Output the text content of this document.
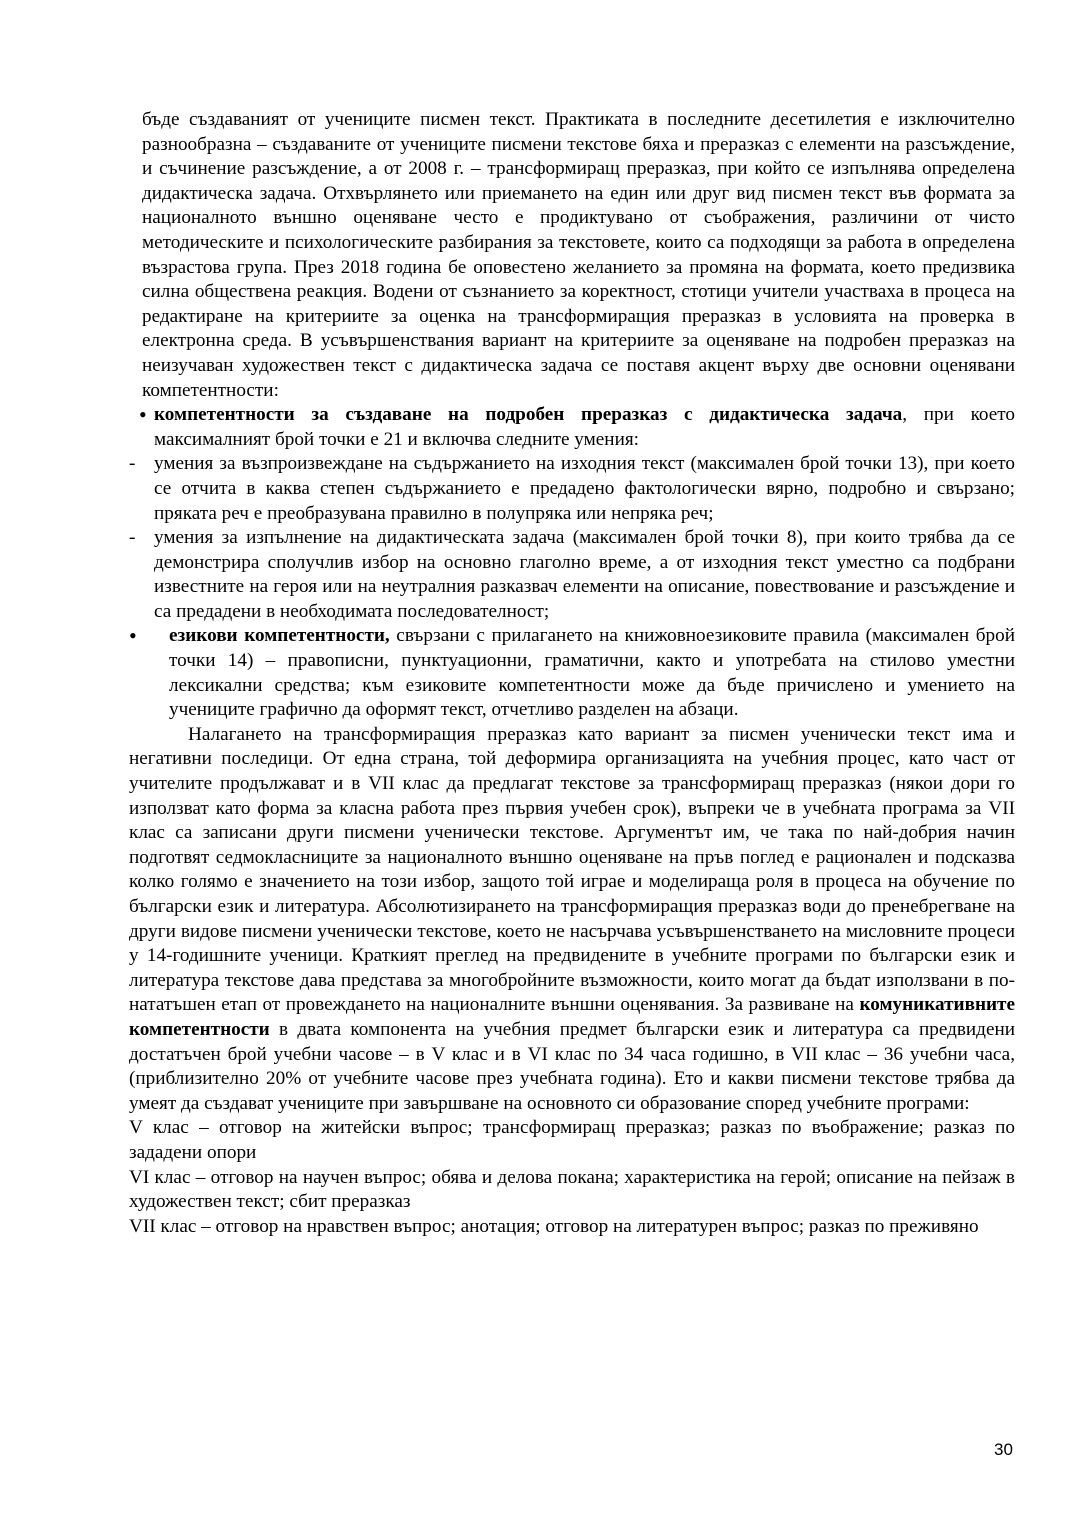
бъде създаваният от учениците писмен текст. Практиката в последните десетилетия е изключително разнообразна – създаваните от учениците писмени текстове бяха и преразказ с елементи на разсъждение, и съчинение разсъждение, а от 2008 г. – трансформиращ преразказ, при който се изпълнява определена дидактическа задача. Отхвърлянето или приемането на един или друг вид писмен текст във формата за националното външно оценяване често е продиктувано от съображения, различини от чисто методическите и психологическите разбирания за текстовете, които са подходящи за работа в определена възрастова група. През 2018 година бе оповестено желанието за промяна на формата, което предизвика силна обществена реакция. Водени от съзнанието за коректност, стотици учители участваха в процеса на редактиране на критериите за оценка на трансформиращия преразказ в условията на проверка в електронна среда. В усъвършенствания вариант на критериите за оценяване на подробен преразказ на неизучаван художествен текст с дидактическа задача се поставя акцент върху две основни оценявани компетентности:

• компетентности за създаване на подробен преразказ с дидактическа задача, при което максималният брой точки е 21 и включва следните умения:

- умения за възпроизвеждане на съдържанието на изходния текст (максимален брой точки 13), при което се отчита в каква степен съдържанието е предадено фактологически вярно, подробно и свързано; пряката реч е преобразувана правилно в полупряка или непряка реч;

- умения за изпълнение на дидактическата задача (максимален брой точки 8), при които трябва да се демонстрира сполучлив избор на основно глаголно време, а от изходния текст уместно са подбрани известните на героя или на неутралния разказвач елементи на описание, повествование и разсъждение и са предадени в необходимата последователност;

• езикови компетентности, свързани с прилагането на книжовноезиковите правила (максимален брой точки 14) – правописни, пунктуационни, граматични, както и употребата на стилово уместни лексикални средства; към езиковите компетентности може да бъде причислено и умението на учениците графично да оформят текст, отчетливо разделен на абзаци.

Налагането на трансформиращия преразказ като вариант за писмен ученически текст има и негативни последици. От една страна, той деформира организацията на учебния процес, като част от учителите продължават и в VII клас да предлагат текстове за трансформиращ преразказ (някои дори го използват като форма за класна работа през първия учебен срок), въпреки че в учебната програма за VII клас са записани други писмени ученически текстове. Аргументът им, че така по най-добрия начин подготвят седмокласниците за националното външно оценяване на пръв поглед е рационален и подсказва колко голямо е значението на този избор, защото той играе и моделираща роля в процеса на обучение по български език и литература. Абсолютизирането на трансформиращия преразказ води до пренебрегване на други видове писмени ученически текстове, което не насърчава усъвършенстването на мисловните процеси у 14-годишните ученици. Краткият преглед на предвидените в учебните програми по български език и литература текстове дава представа за многобройните възможности, които могат да бъдат използвани в по-нататъшен етап от провеждането на националните външни оценявания. За развиване на комуникативните компетентности в двата компонента на учебния предмет български език и литература са предвидени достатъчен брой учебни часове – в V клас и в VI клас по 34 часа годишно, в VII клас – 36 учебни часа, (приблизително 20% от учебните часове през учебната година). Ето и какви писмени текстове трябва да умеят да създават учениците при завършване на основното си образование според учебните програми:

V клас – отговор на житейски въпрос; трансформиращ преразказ; разказ по въображение; разказ по зададени опори

VI клас – отговор на научен въпрос; обява и делова покана; характеристика на герой; описание на пейзаж в художествен текст; сбит преразказ

VII клас – отговор на нравствен въпрос; анотация; отговор на литературен въпрос; разказ по преживяно

30
